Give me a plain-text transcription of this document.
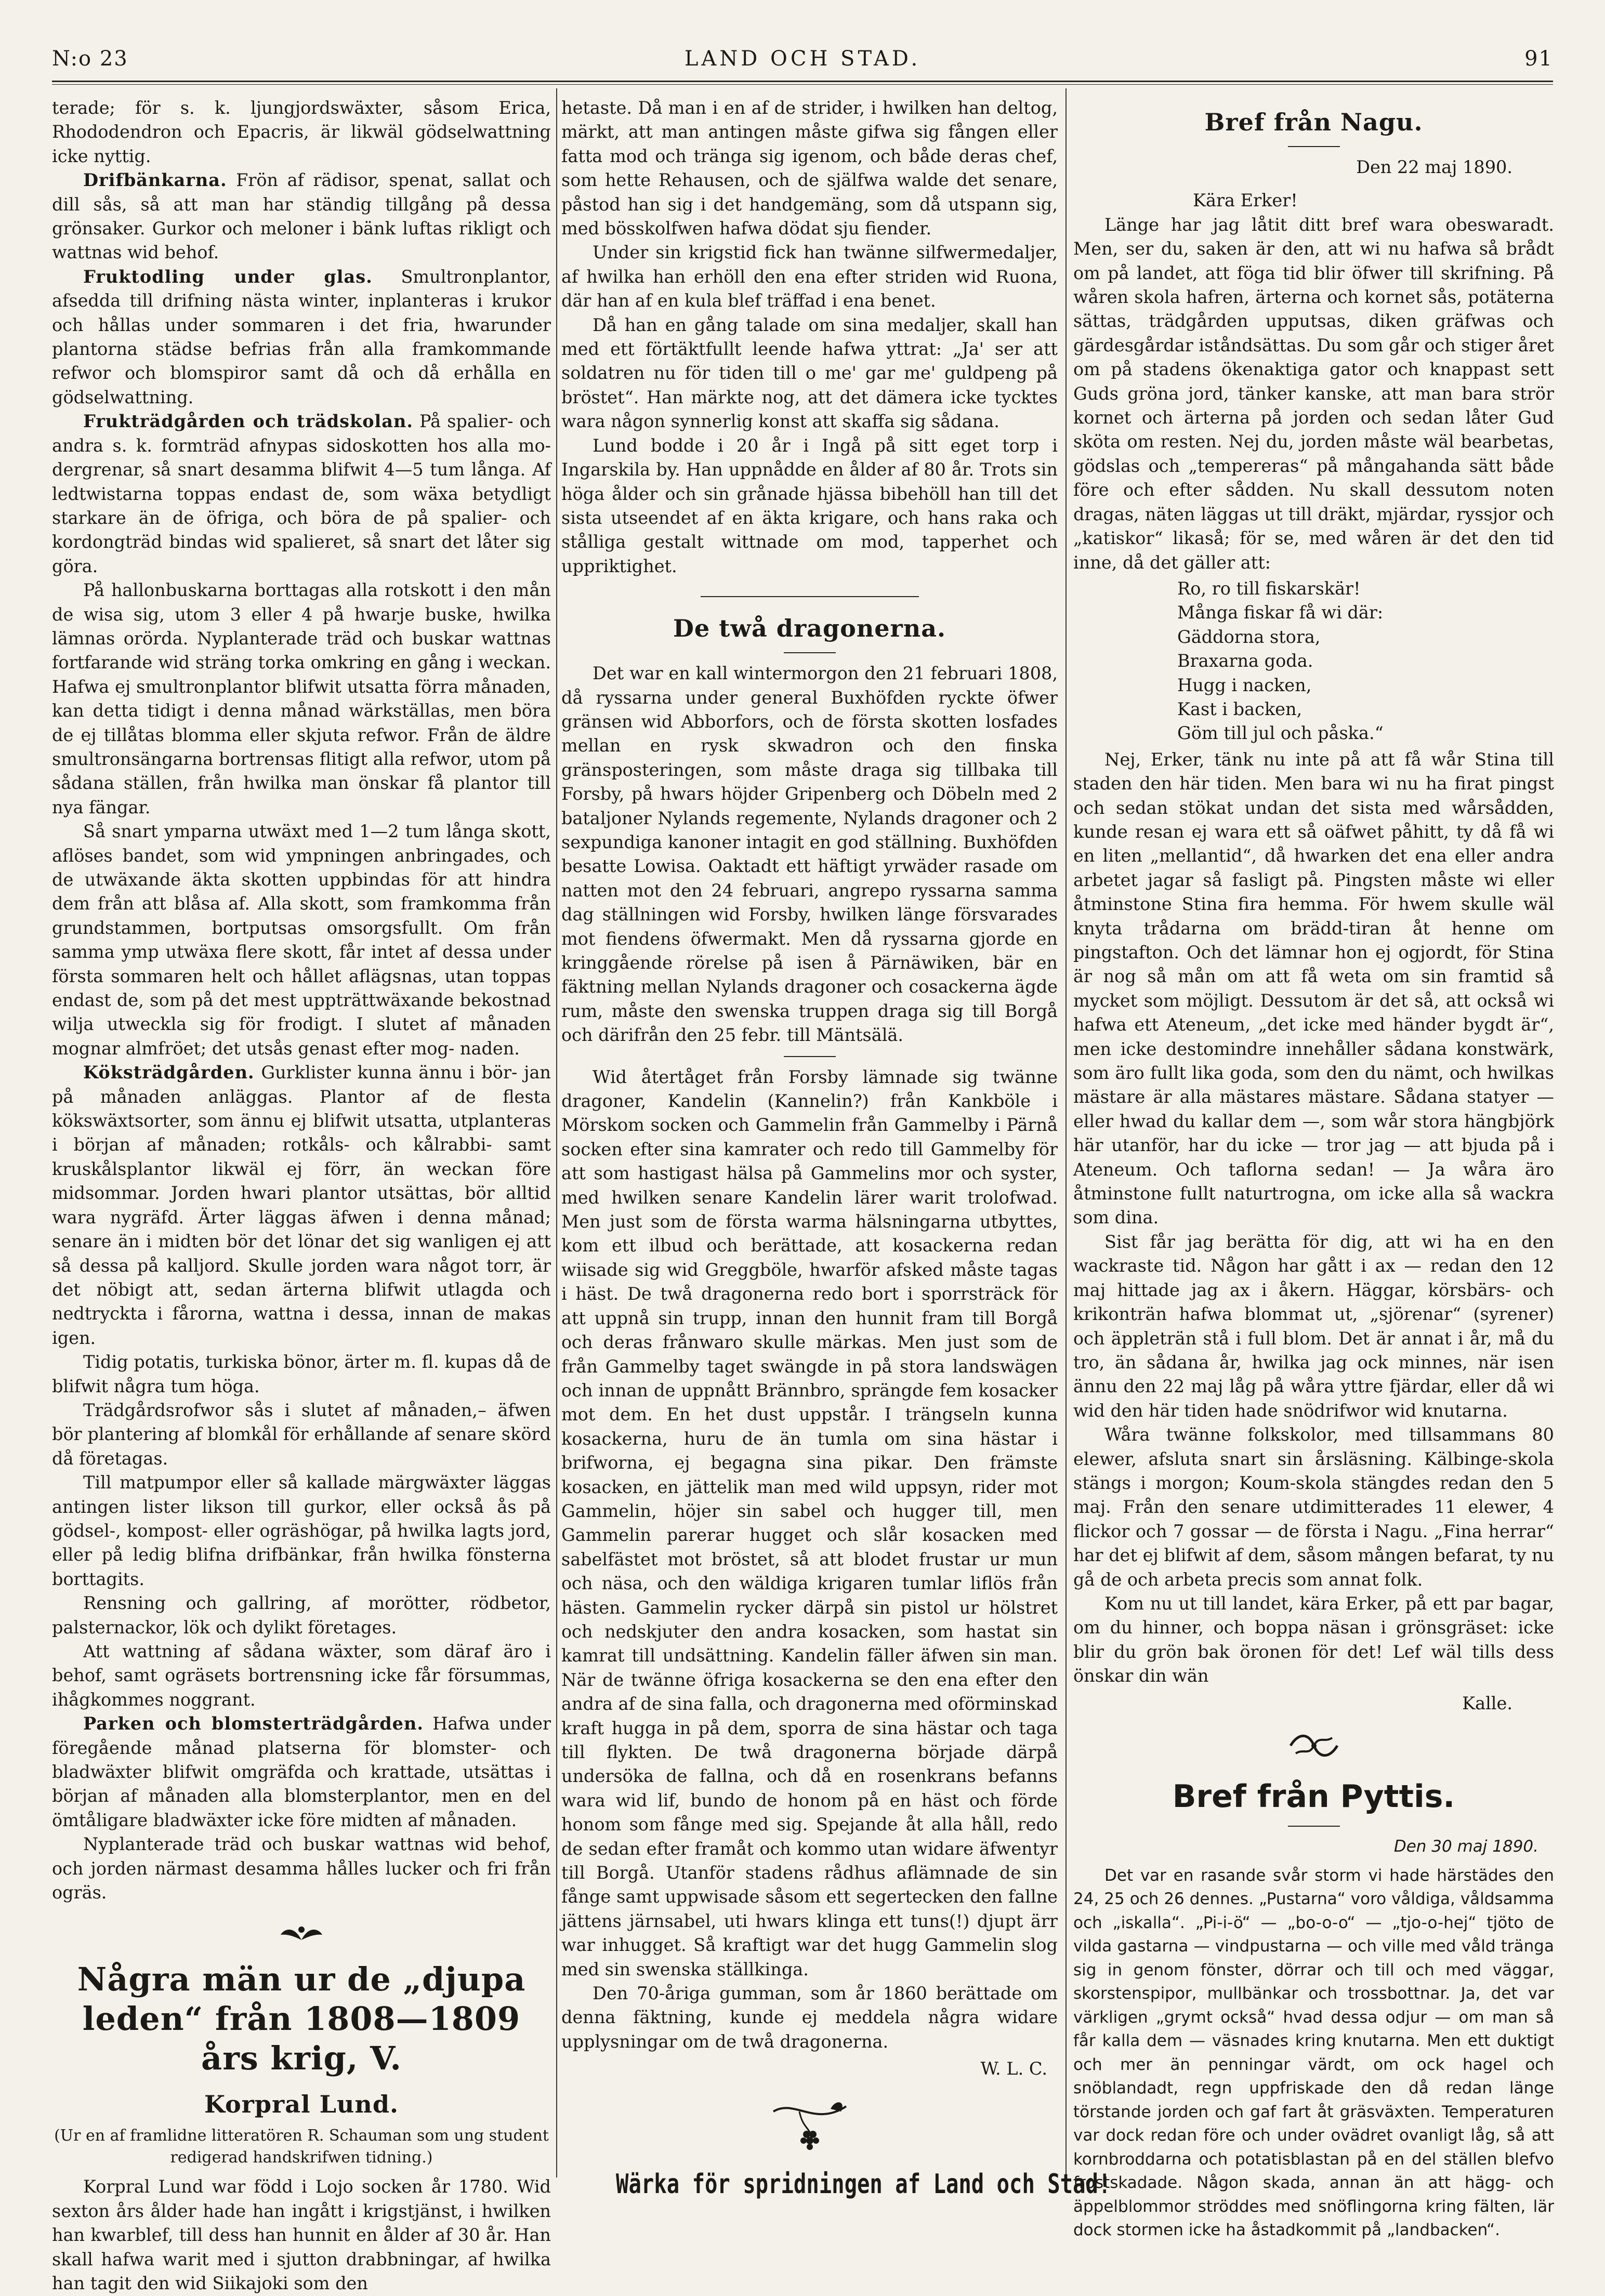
N:o 23	LAND OCH STAD.	91

terade; för s. k. ljungjordswäxter, såsom Erica, Rhododendron och Epacris, är likwäl gödselwattning icke nyttig.

Drifbänkarna. Frön af rädisor, spenat, sallat och dill sås, så att man har ständig tillgång på dessa grönsaker. Gurkor och meloner i bänk luftas rikligt och wattnas wid behof.

Fruktodling under glas. Smultronplantor, afsedda till drifning nästa winter, inplanteras i krukor och hållas under sommaren i det fria, hwarunder plantorna städse befrias från alla framkommande refwor och blomspiror samt då och då erhålla en gödselwattning.

Frukträdgården och trädskolan. På spalier- och andra s. k. formträd afnypas sidoskotten hos alla mo- dergrenar, så snart desamma blifwit 4—5 tum långa. Af ledtwistarna toppas endast de, som wäxa betydligt starkare än de öfriga, och böra de på spalier- och kordongträd bindas wid spalieret, så snart det låter sig göra.

På hallonbuskarna borttagas alla rotskott i den mån de wisa sig, utom 3 eller 4 på hwarje buske, hwilka lämnas orörda. Nyplanterade träd och buskar wattnas fortfarande wid sträng torka omkring en gång i weckan. Hafwa ej smultronplantor blifwit utsatta förra månaden, kan detta tidigt i denna månad wärkställas, men böra de ej tillåtas blomma eller skjuta refwor. Från de äldre smultronsängarna bortrensas flitigt alla refwor, utom på sådana ställen, från hwilka man önskar få plantor till nya fängar.

Så snart ymparna utwäxt med 1—2 tum långa skott, aflöses bandet, som wid ympningen anbringades, och de utwäxande äkta skotten uppbindas för att hindra dem från att blåsa af. Alla skott, som framkomma från grundstammen, bortputsas omsorgsfullt. Om från samma ymp utwäxa flere skott, får intet af dessa under första sommaren helt och hållet aflägsnas, utan toppas endast de, som på det mest uppträttwäxande bekostnad wilja utweckla sig för frodigt. I slutet af månaden mognar almfröet; det utsås genast efter mog- naden.

Köksträdgården. Gurklister kunna ännu i bör- jan på månaden anläggas. Plantor af de flesta kökswäxtsorter, som ännu ej blifwit utsatta, utplanteras i början af månaden; rotkåls- och kålrabbi- samt kruskålsplantor likwäl ej förr, än weckan före midsommar. Jorden hwari plantor utsättas, bör alltid wara nygräfd. Ärter läggas äfwen i denna månad; senare än i midten bör det lönar det sig wanligen ej att så dessa på kalljord. Skulle jorden wara något torr, är det nöbigt att, sedan ärterna blifwit utlagda och nedtryckta i fårorna, wattna i dessa, innan de makas igen.

Tidig potatis, turkiska bönor, ärter m. fl. kupas då de blifwit några tum höga.

Trädgårdsrofwor sås i slutet af månaden,– äfwen bör plantering af blomkål för erhållande af senare skörd då företagas.

Till matpumpor eller så kallade märgwäxter läggas antingen lister likson till gurkor, eller också ås på gödsel-, kompost- eller ogräshögar, på hwilka lagts jord, eller på ledig blifna drifbänkar, från hwilka fönsterna borttagits.

Rensning och gallring, af morötter, rödbetor, palsternackor, lök och dylikt företages.

Att wattning af sådana wäxter, som däraf äro i behof, samt ogräsets bortrensning icke får försummas, ihågkommes noggrant.

Parken och blomsterträdgården. Hafwa under föregående månad platserna för blomster- och bladwäxter blifwit omgräfda och krattade, utsättas i början af månaden alla blomsterplantor, men en del ömtåligare bladwäxter icke före midten af månaden.

Nyplanterade träd och buskar wattnas wid behof, och jorden närmast desamma hålles lucker och fri från ogräs.

Några män ur de „djupa leden“ från 1808—1809 års krig, V.
Korpral Lund.
(Ur en af framlidne litteratören R. Schauman som ung student redigerad handskrifwen tidning.)

Korpral Lund war född i Lojo socken år 1780. Wid sexton års ålder hade han ingått i krigstjänst, i hwilken han kwarblef, till dess han hunnit en ålder af 30 år. Han skall hafwa warit med i sjutton drabbningar, af hwilka han tagit den wid Siikajoki som den

hetaste. Då man i en af de strider, i hwilken han deltog, märkt, att man antingen måste gifwa sig fången eller fatta mod och tränga sig igenom, och både deras chef, som hette Rehausen, och de själfwa walde det senare, påstod han sig i det handgemäng, som då utspann sig, med bösskolfwen hafwa dödat sju fiender.

Under sin krigstid fick han twänne silfwermedaljer, af hwilka han erhöll den ena efter striden wid Ruona, där han af en kula blef träffad i ena benet.

Då han en gång talade om sina medaljer, skall han med ett förtäktfullt leende hafwa yttrat: „Ja' ser att soldatren nu för tiden till o me' gar me' guldpeng på bröstet“. Han märkte nog, att det dämera icke tycktes wara någon synnerlig konst att skaffa sig sådana.

Lund bodde i 20 år i Ingå på sitt eget torp i Ingarskila by. Han uppnådde en ålder af 80 år. Trots sin höga ålder och sin grånade hjässa bibehöll han till det sista utseendet af en äkta krigare, och hans raka och stålliga gestalt wittnade om mod, tapperhet och uppriktighet.

De twå dragonerna.

Det war en kall wintermorgon den 21 februari 1808, då ryssarna under general Buxhöfden ryckte öfwer gränsen wid Abborfors, och de första skotten losfades mellan en rysk skwadron och den finska gränsposteringen, som måste draga sig tillbaka till Forsby, på hwars höjder Gripenberg och Döbeln med 2 bataljoner Nylands regemente, Nylands dragoner och 2 sexpundiga kanoner intagit en god ställning. Buxhöfden besatte Lowisa. Oaktadt ett häftigt yrwäder rasade om natten mot den 24 februari, angrepo ryssarna samma dag ställningen wid Forsby, hwilken länge försvarades mot fiendens öfwermakt. Men då ryssarna gjorde en kringgående rörelse på isen å Pärnäwiken, bär en fäktning mellan Nylands dragoner och cosackerna ägde rum, måste den swenska truppen draga sig till Borgå och därifrån den 25 febr. till Mäntsälä.

Wid återtåget från Forsby lämnade sig twänne dragoner, Kandelin (Kannelin?) från Kankböle i Mörskom socken och Gammelin från Gammelby i Pärnå socken efter sina kamrater och redo till Gammelby för att som hastigast hälsa på Gammelins mor och syster, med hwilken senare Kandelin lärer warit trolofwad. Men just som de första warma hälsningarna utbyttes, kom ett ilbud och berättade, att kosackerna redan wiisade sig wid Greggböle, hwarför afsked måste tagas i häst. De twå dragonerna redo bort i sporrsträck för att uppnå sin trupp, innan den hunnit fram till Borgå och deras frånwaro skulle märkas. Men just som de från Gammelby taget swängde in på stora landswägen och innan de uppnått Brännbro, sprängde fem kosacker mot dem. En het dust uppstår. I trängseln kunna kosackerna, huru de än tumla om sina hästar i brifworna, ej begagna sina pikar. Den främste kosacken, en jättelik man med wild uppsyn, rider mot Gammelin, höjer sin sabel och hugger till, men Gammelin parerar hugget och slår kosacken med sabelfästet mot bröstet, så att blodet frustar ur mun och näsa, och den wäldiga krigaren tumlar liflös från hästen. Gammelin rycker därpå sin pistol ur hölstret och nedskjuter den andra kosacken, som hastat sin kamrat till undsättning. Kandelin fäller äfwen sin man. När de twänne öfriga kosackerna se den ena efter den andra af de sina falla, och dragonerna med oförminskad kraft hugga in på dem, sporra de sina hästar och taga till flykten. De twå dragonerna började därpå undersöka de fallna, och då en rosenkrans befanns wara wid lif, bundo de honom på en häst och förde honom som fånge med sig. Spejande åt alla håll, redo de sedan efter framåt och kommo utan widare äfwentyr till Borgå. Utanför stadens rådhus aflämnade de sin fånge samt uppwisade såsom ett segertecken den fallne jättens järnsabel, uti hwars klinga ett tuns(!) djupt ärr war inhugget. Så kraftigt war det hugg Gammelin slog med sin swenska ställkinga.

Den 70-åriga gumman, som år 1860 berättade om denna fäktning, kunde ej meddela några widare upplysningar om de twå dragonerna.

W. L. C.
Wärka för spridningen af Land och Stad!
Bref från Nagu.
Den 22 maj 1890.

Kära Erker!

Länge har jag låtit ditt bref wara obeswaradt. Men, ser du, saken är den, att wi nu hafwa så brådt om på landet, att föga tid blir öfwer till skrifning. På wåren skola hafren, ärterna och kornet sås, potäterna sättas, trädgården upputsas, diken gräfwas och gärdesgårdar iståndsättas. Du som går och stiger året om på stadens ökenaktiga gator och knappast sett Guds gröna jord, tänker kanske, att man bara strör kornet och ärterna på jorden och sedan låter Gud sköta om resten. Nej du, jorden måste wäl bearbetas, gödslas och „tempereras“ på mångahanda sätt både före och efter sådden. Nu skall dessutom noten dragas, näten läggas ut till dräkt, mjärdar, ryssjor och „katiskor“ likaså; för se, med wåren är det den tid inne, då det gäller att:

Ro, ro till fiskarskär!
Många fiskar få wi där:
Gäddorna stora,
Braxarna goda.
Hugg i nacken,
Kast i backen,
Göm till jul och påska.“

Nej, Erker, tänk nu inte på att få wår Stina till staden den här tiden. Men bara wi nu ha firat pingst och sedan stökat undan det sista med wårsådden, kunde resan ej wara ett så oäfwet påhitt, ty då få wi en liten „mellantid“, då hwarken det ena eller andra arbetet jagar så fasligt på. Pingsten måste wi eller åtminstone Stina fira hemma. För hwem skulle wäl knyta trådarna om brädd-tiran åt henne om pingstafton. Och det lämnar hon ej ogjordt, för Stina är nog så mån om att få weta om sin framtid så mycket som möjligt. Dessutom är det så, att också wi hafwa ett Ateneum, „det icke med händer bygdt är“, men icke destomindre innehåller sådana konstwärk, som äro fullt lika goda, som den du nämt, och hwilkas mästare är alla mästares mästare. Sådana statyer — eller hwad du kallar dem —, som wår stora hängbjörk här utanför, har du icke — tror jag — att bjuda på i Ateneum. Och taflorna sedan! — Ja wåra äro åtminstone fullt naturtrogna, om icke alla så wackra som dina.

Sist får jag berätta för dig, att wi ha en den wackraste tid. Någon har gått i ax — redan den 12 maj hittade jag ax i åkern. Häggar, körsbärs- och krikonträn hafwa blommat ut, „sjörenar“ (syrener) och äppleträn stå i full blom. Det är annat i år, må du tro, än sådana år, hwilka jag ock minnes, när isen ännu den 22 maj låg på wåra yttre fjärdar, eller då wi wid den här tiden hade snödrifwor wid knutarna.

Wåra twänne folkskolor, med tillsammans 80 elewer, afsluta snart sin årsläsning. Kälbinge-skola stängs i morgon; Koum-skola stängdes redan den 5 maj. Från den senare utdimitterades 11 elewer, 4 flickor och 7 gossar — de första i Nagu. „Fina herrar“ har det ej blifwit af dem, såsom mången befarat, ty nu gå de och arbeta precis som annat folk.

Kom nu ut till landet, kära Erker, på ett par bagar, om du hinner, och boppa näsan i grönsgräset: icke blir du grön bak öronen för det! Lef wäl tills dess önskar din wän

Kalle.
Bref från Pyttis.
Den 30 maj 1890.

Det var en rasande svår storm vi hade härstädes den 24, 25 och 26 dennes. „Pustarna“ voro våldiga, våldsamma och „iskalla“. „Pi-i-ö“ — „bo-o-o“ — „tjo-o-hej“ tjöto de vilda gastarna — vindpustarna — och ville med våld tränga sig in genom fönster, dörrar och till och med väggar, skorstenspipor, mullbänkar och trossbottnar. Ja, det var värkligen „grymt också“ hvad dessa odjur — om man så får kalla dem — väsnades kring knutarna. Men ett duktigt och mer än penningar värdt, om ock hagel och snöblandadt, regn uppfriskade den då redan länge törstande jorden och gaf fart åt gräsväxten. Temperaturen var dock redan före och under ovädret ovanligt låg, så att kornbroddarna och potatisblastan på en del ställen blefvo frostskadade. Någon skada, annan än att hägg- och äppelblommor ströddes med snöflingorna kring fälten, lär dock stormen icke ha åstadkommit på „landbacken“.
